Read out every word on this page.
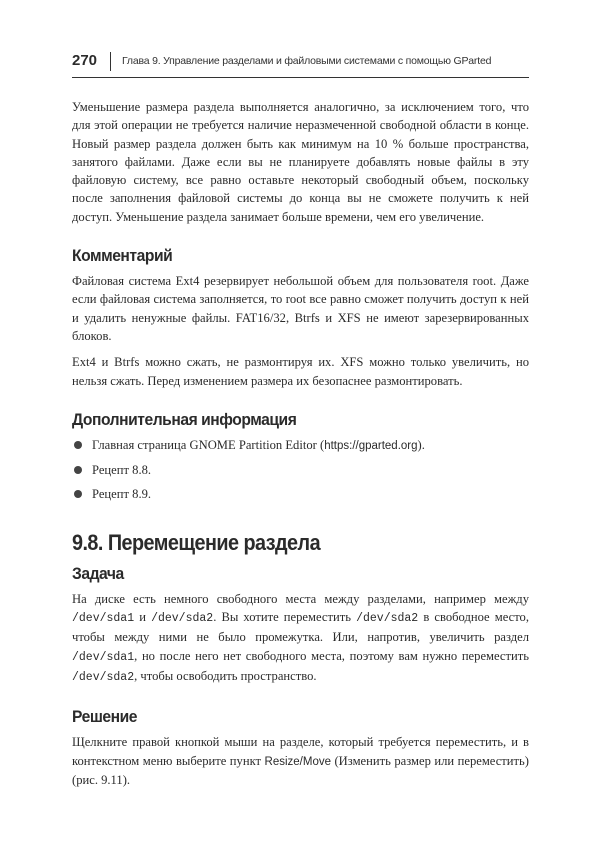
270 Глава 9. Управление разделами и файловыми системами с помощью GParted

Уменьшение размера раздела выполняется аналогично, за исключением того, что для этой операции не требуется наличие неразмеченной свободной области в конце. Новый размер раздела должен быть как минимум на 10 % больше пространства, занятого файлами. Даже если вы не планируете добавлять новые файлы в эту файловую систему, все равно оставьте некоторый свободный объем, поскольку после заполнения файловой системы до конца вы не сможете получить к ней доступ. Уменьшение раздела занимает больше времени, чем его увеличение.

Комментарий

Файловая система Ext4 резервирует небольшой объем для пользователя root. Даже если файловая система заполняется, то root все равно сможет получить доступ к ней и удалить ненужные файлы. FAT16/32, Btrfs и XFS не имеют зарезервированных блоков.

Ext4 и Btrfs можно сжать, не размонтируя их. XFS можно только увеличить, но нельзя сжать. Перед изменением размера их безопаснее размонтировать.

Дополнительная информация
Главная страница GNOME Partition Editor (https://gparted.org).
Рецепт 8.8.
Рецепт 8.9.
9.8. Перемещение раздела
Задача

На диске есть немного свободного места между разделами, например между /dev/sda1 и /dev/sda2. Вы хотите переместить /dev/sda2 в свободное место, чтобы между ними не было промежутка. Или, напротив, увеличить раздел /dev/sda1, но после него нет свободного места, поэтому вам нужно переместить /dev/sda2, чтобы освободить пространство.

Решение

Щелкните правой кнопкой мыши на разделе, который требуется переместить, и в контекстном меню выберите пункт Resize/Move (Изменить размер или переместить) (рис. 9.11).
